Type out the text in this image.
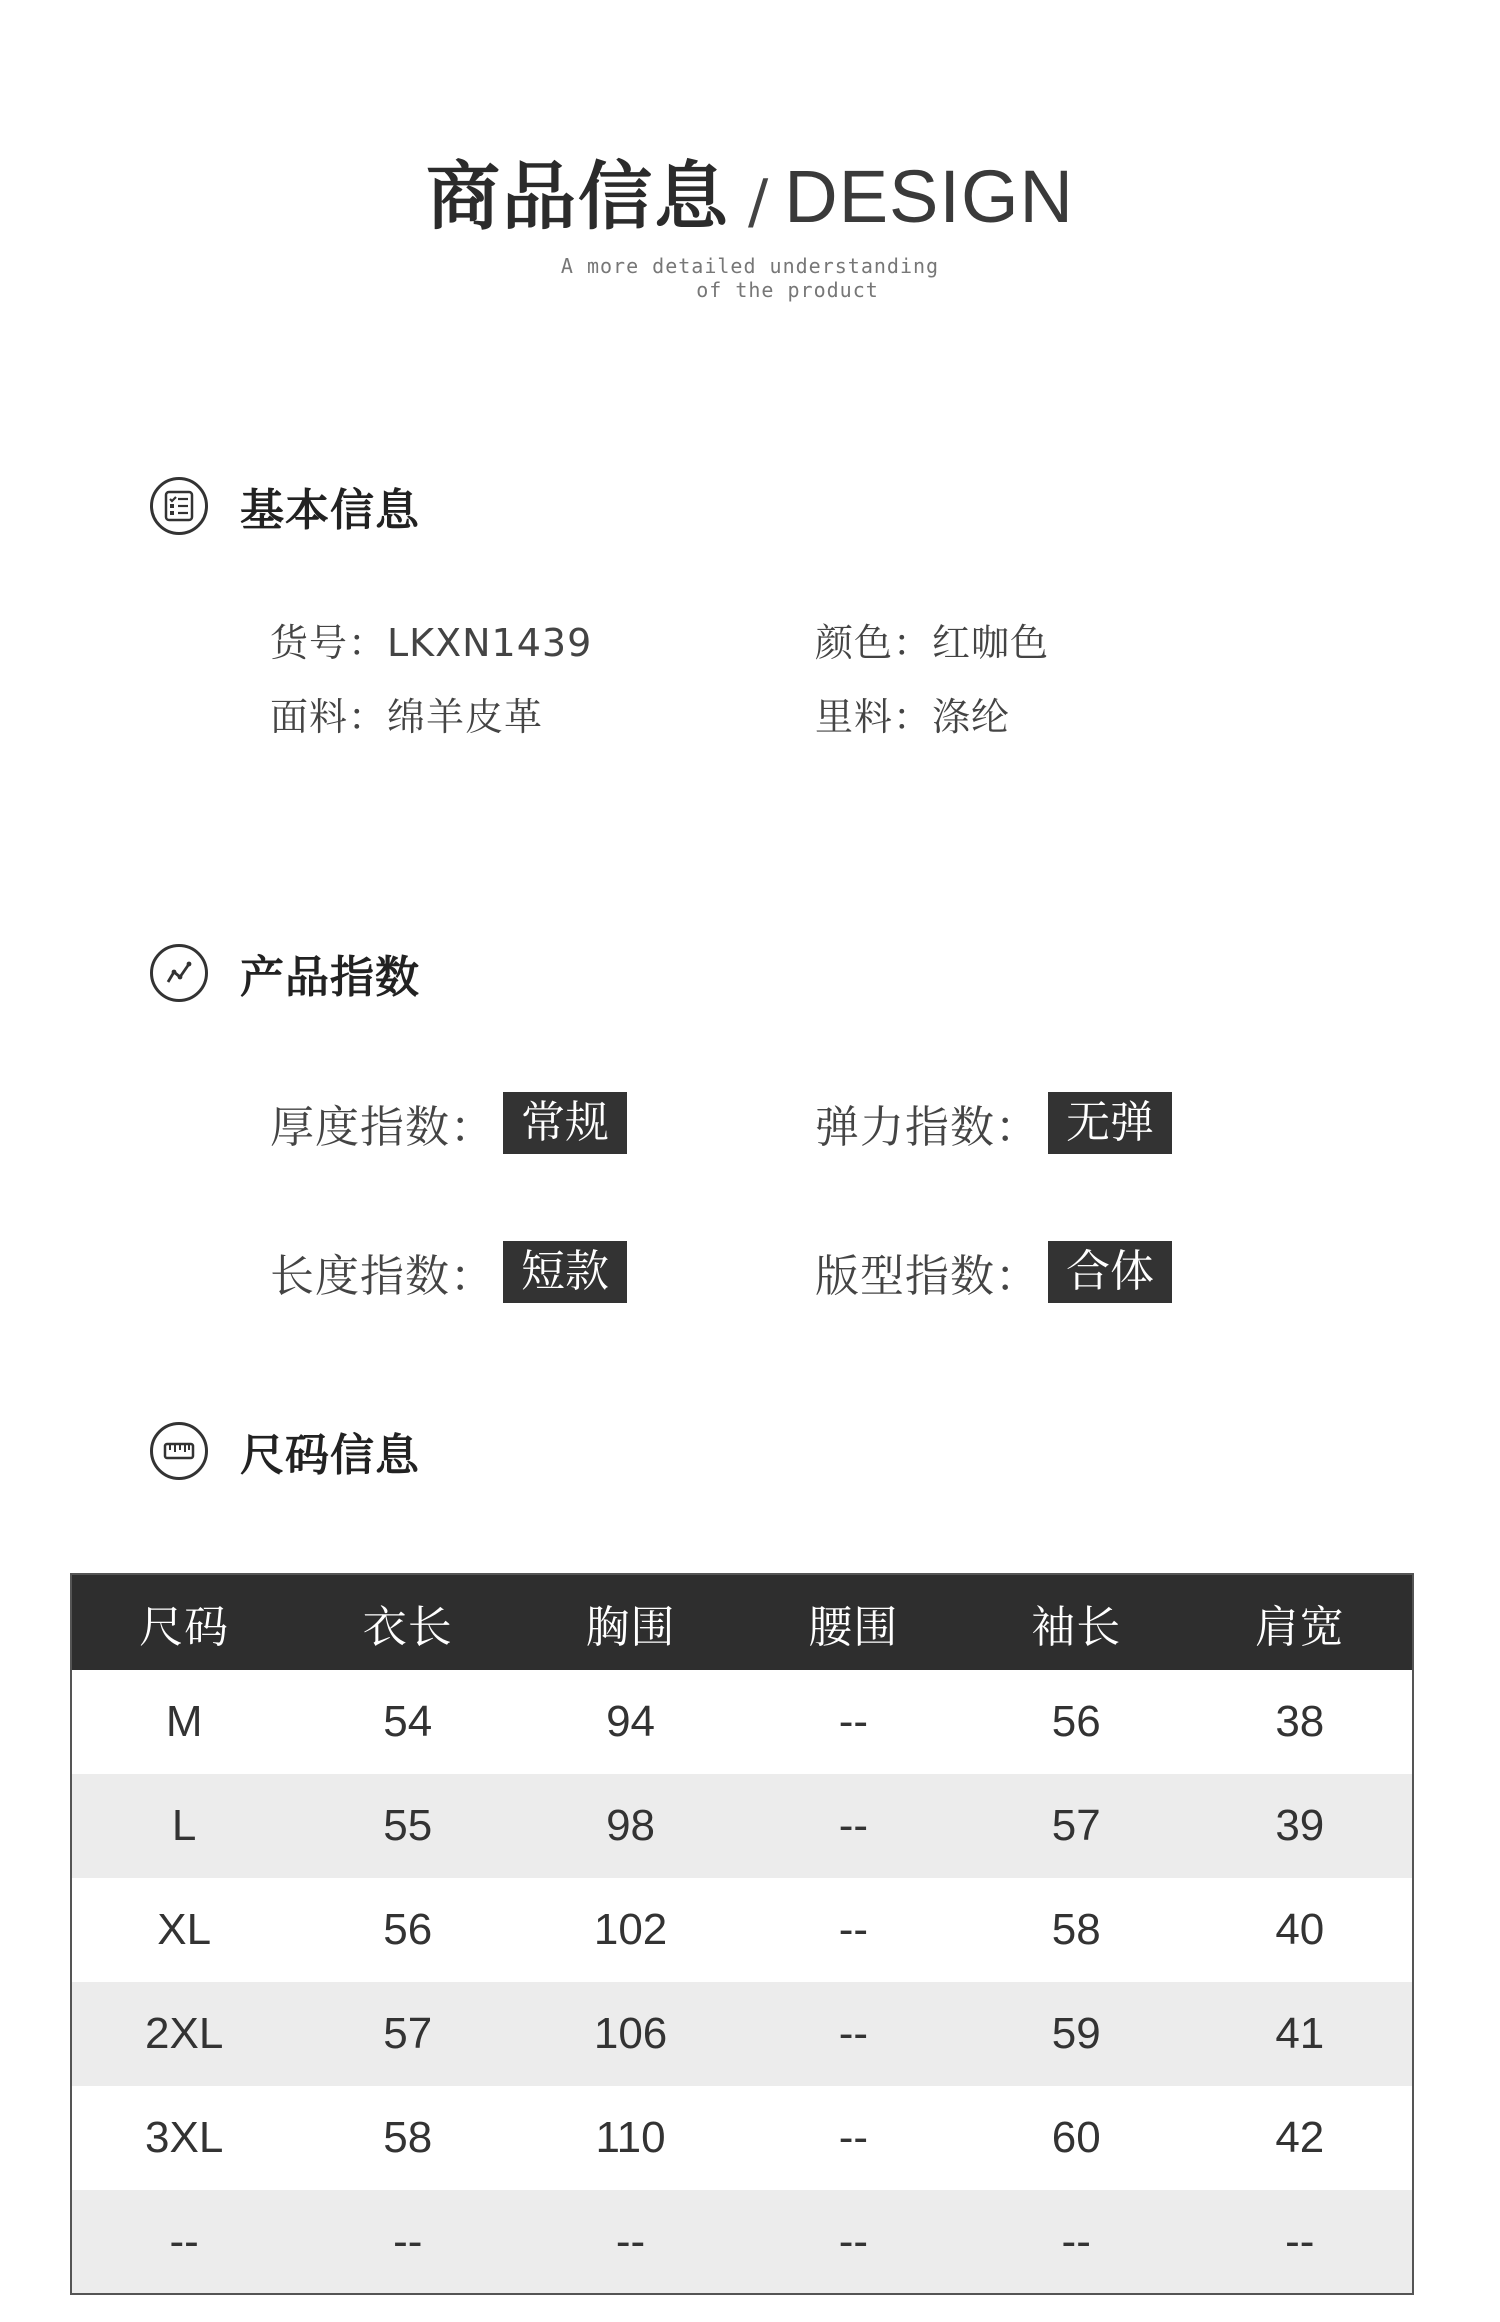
商品信息 / DESIGN
A more detailed understanding
of the product
基本信息
货号：LKXN1439	颜色：红咖色
面料：绵羊皮革	里料：涤纶
产品指数
厚度指数： 常规	弹力指数： 无弹
长度指数： 短款	版型指数： 合体
尺码信息
尺码	衣长	胸围	腰围	袖长	肩宽
M	54	94	--	56	38
L	55	98	--	57	39
XL	56	102	--	58	40
2XL	57	106	--	59	41
3XL	58	110	--	60	42
--	--	--	--	--	--
